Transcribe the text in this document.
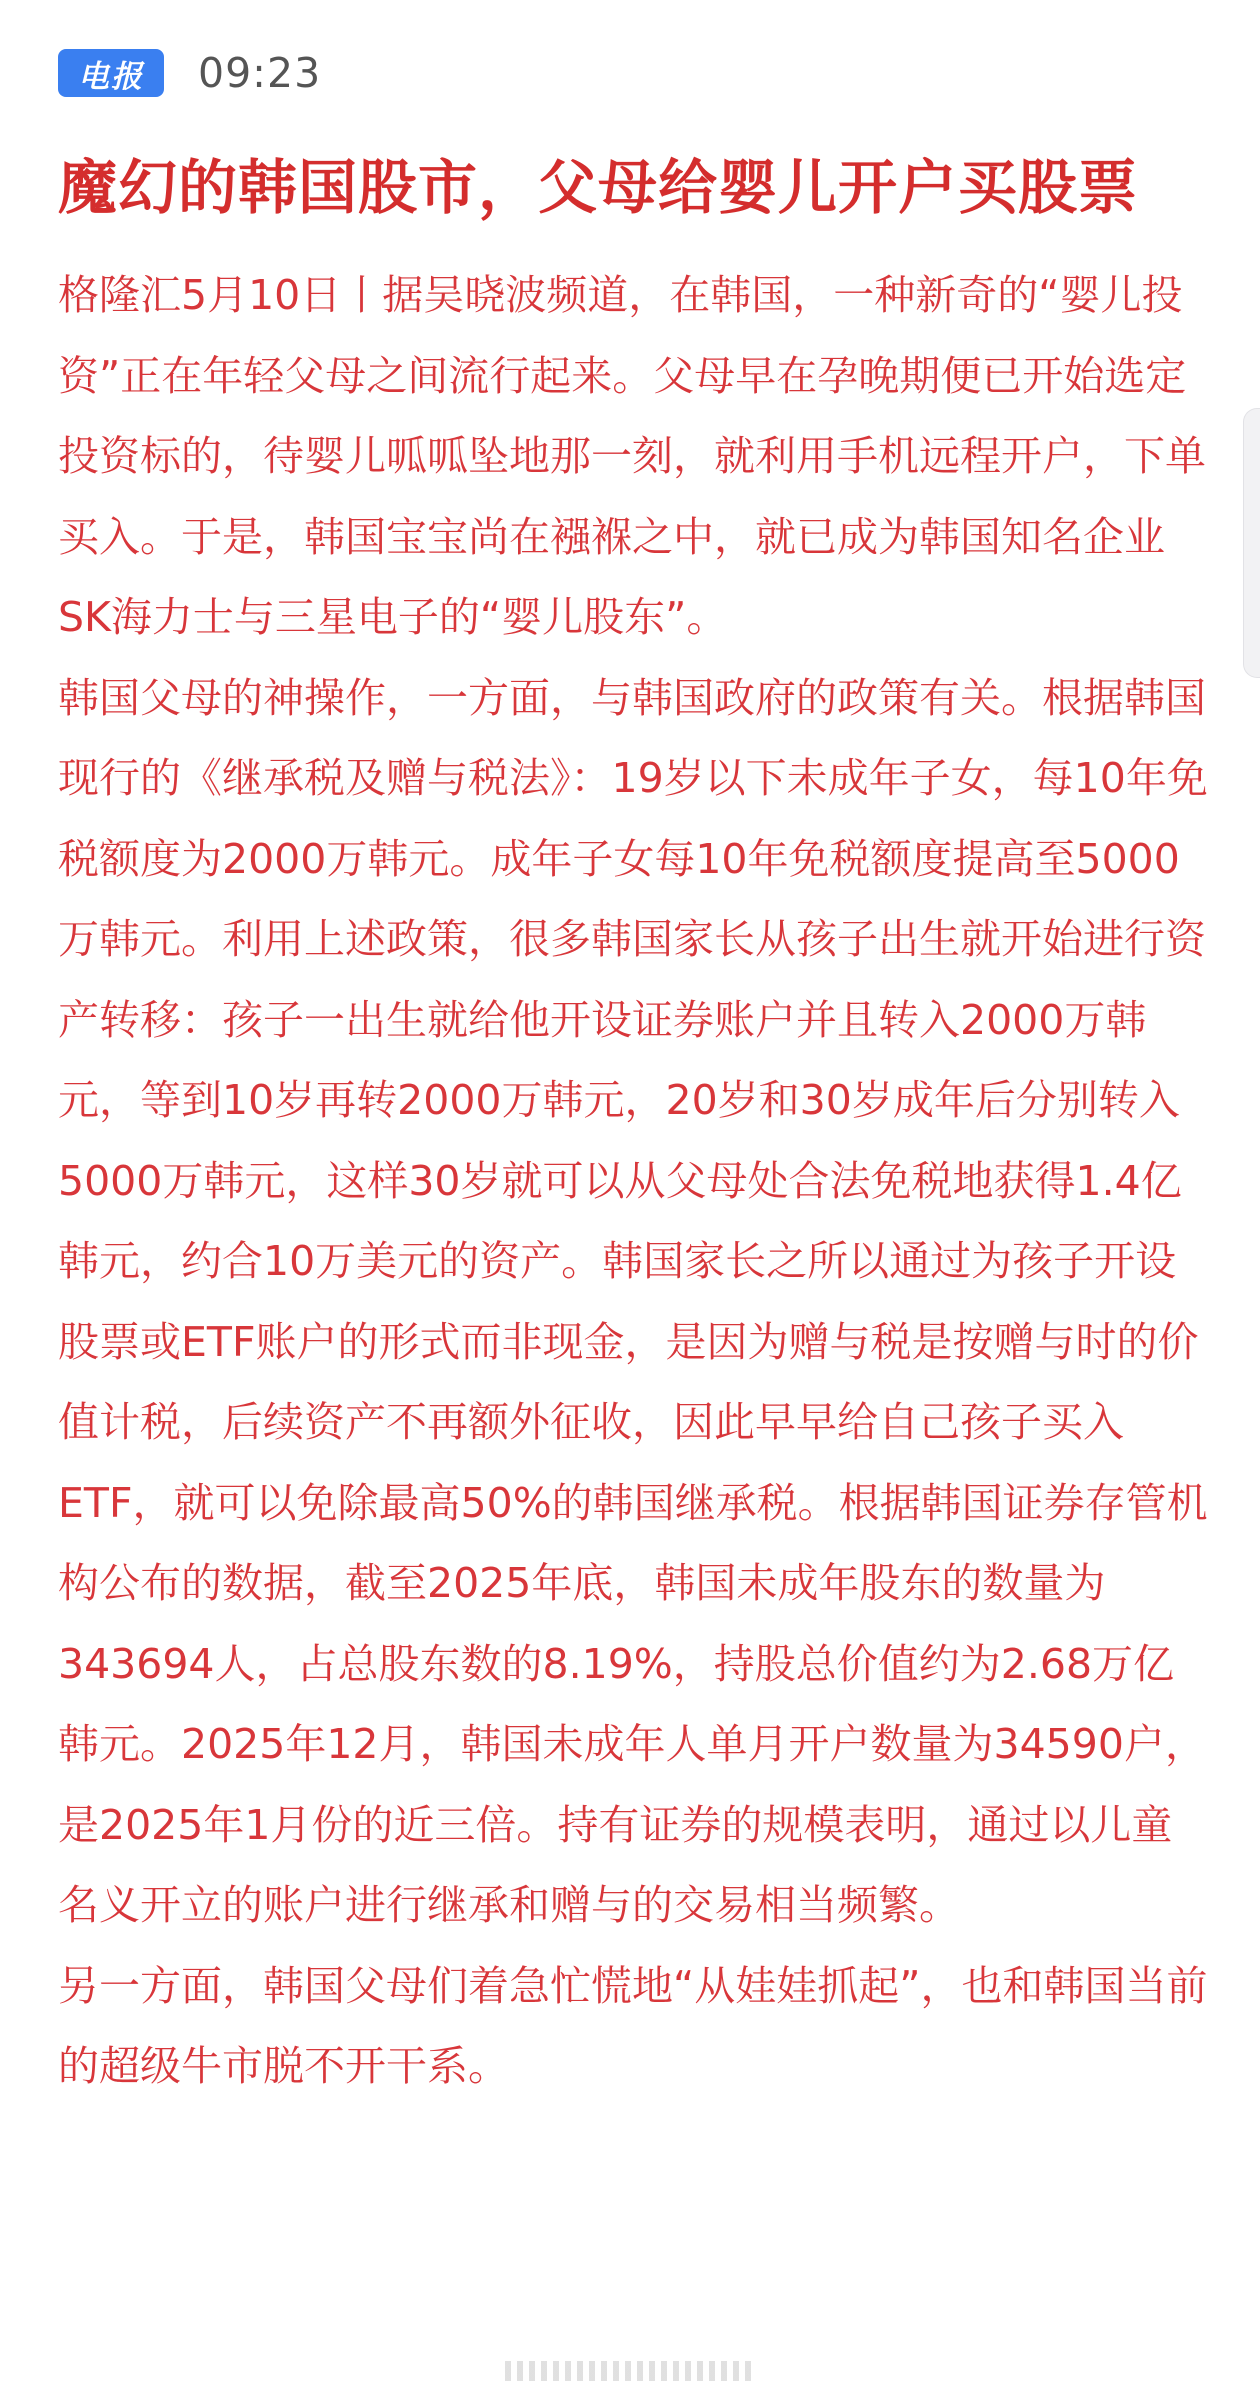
电报	09:23
魔幻的韩国股市，父母给婴儿开户买股票

格隆汇5月10日丨据吴晓波频道，在韩国，一种新奇的“婴儿投资”正在年轻父母之间流行起来。父母早在孕晚期便已开始选定投资标的，待婴儿呱呱坠地那一刻，就利用手机远程开户，下单买入。于是，韩国宝宝尚在襁褓之中，就已成为韩国知名企业SK海力士与三星电子的“婴儿股东”。

韩国父母的神操作，一方面，与韩国政府的政策有关。根据韩国现行的《继承税及赠与税法》：19岁以下未成年子女，每10年免税额度为2000万韩元。成年子女每10年免税额度提高至5000万韩元。利用上述政策，很多韩国家长从孩子出生就开始进行资产转移：孩子一出生就给他开设证券账户并且转入2000万韩元，等到10岁再转2000万韩元，20岁和30岁成年后分别转入5000万韩元，这样30岁就可以从父母处合法免税地获得1.4亿韩元，约合10万美元的资产。韩国家长之所以通过为孩子开设股票或ETF账户的形式而非现金，是因为赠与税是按赠与时的价值计税，后续资产不再额外征收，因此早早给自己孩子买入ETF，就可以免除最高50%的韩国继承税。根据韩国证券存管机构公布的数据，截至2025年底，韩国未成年股东的数量为343694人，占总股东数的8.19%，持股总价值约为2.68万亿韩元。2025年12月，韩国未成年人单月开户数量为34590户，是2025年1月份的近三倍。持有证券的规模表明，通过以儿童名义开立的账户进行继承和赠与的交易相当频繁。

另一方面，韩国父母们着急忙慌地“从娃娃抓起”，也和韩国当前的超级牛市脱不开干系。
